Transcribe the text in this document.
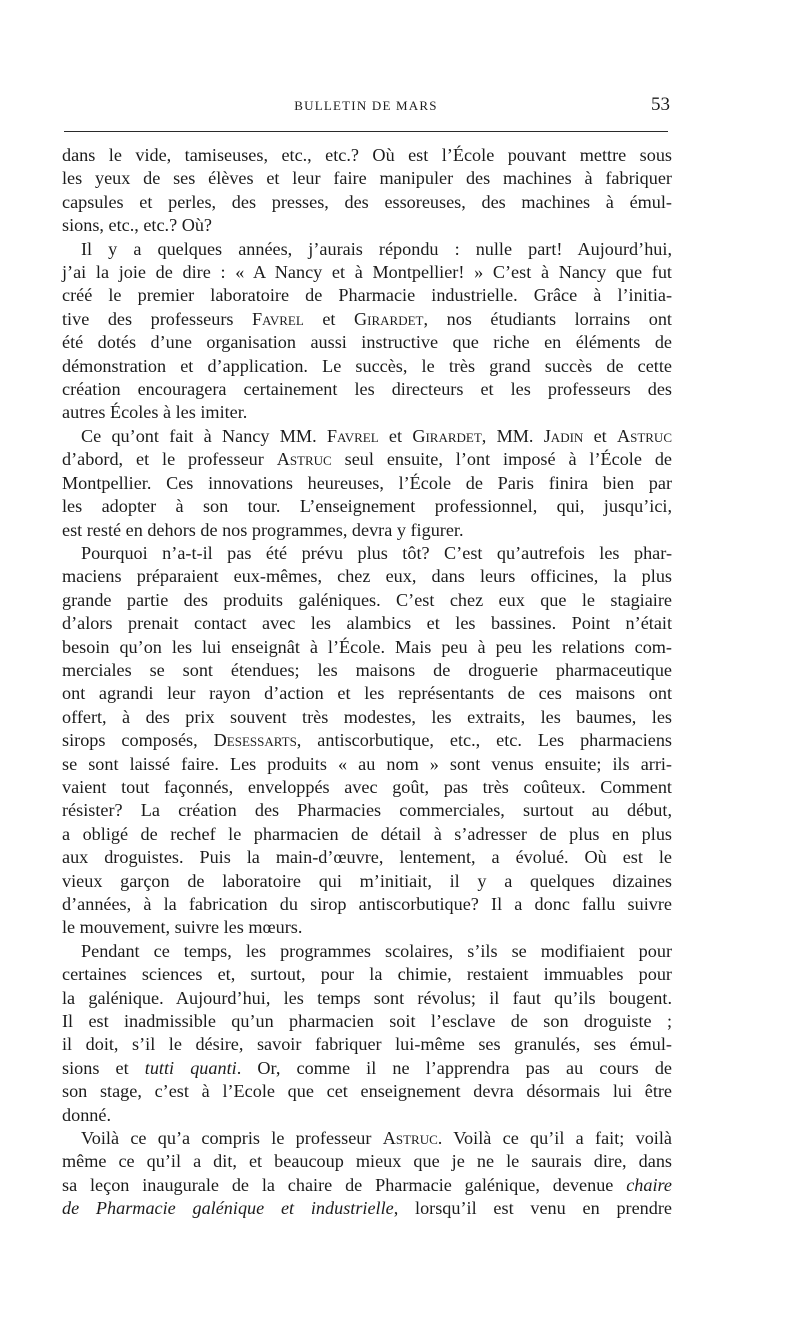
BULLETIN DE MARS	53
dans le vide, tamiseuses, etc., etc.? Où est l’École pouvant mettre sous
les yeux de ses élèves et leur faire manipuler des machines à fabriquer
capsules et perles, des presses, des essoreuses, des machines à émul-
sions, etc., etc.? Où?
Il y a quelques années, j’aurais répondu : nulle part! Aujourd’hui,
j’ai la joie de dire : « A Nancy et à Montpellier! » C’est à Nancy que fut
créé le premier laboratoire de Pharmacie industrielle. Grâce à l’initia-
tive des professeurs Favrel et Girardet, nos étudiants lorrains ont
été dotés d’une organisation aussi instructive que riche en éléments de
démonstration et d’application. Le succès, le très grand succès de cette
création encouragera certainement les directeurs et les professeurs des
autres Écoles à les imiter.
Ce qu’ont fait à Nancy MM. Favrel et Girardet, MM. Jadin et Astruc
d’abord, et le professeur Astruc seul ensuite, l’ont imposé à l’École de
Montpellier. Ces innovations heureuses, l’École de Paris finira bien par
les adopter à son tour. L’enseignement professionnel, qui, jusqu’ici,
est resté en dehors de nos programmes, devra y figurer.
Pourquoi n’a-t-il pas été prévu plus tôt? C’est qu’autrefois les phar-
maciens préparaient eux-mêmes, chez eux, dans leurs officines, la plus
grande partie des produits galéniques. C’est chez eux que le stagiaire
d’alors prenait contact avec les alambics et les bassines. Point n’était
besoin qu’on les lui enseignât à l’École. Mais peu à peu les relations com-
merciales se sont étendues; les maisons de droguerie pharmaceutique
ont agrandi leur rayon d’action et les représentants de ces maisons ont
offert, à des prix souvent très modestes, les extraits, les baumes, les
sirops composés, Desessarts, antiscorbutique, etc., etc. Les pharmaciens
se sont laissé faire. Les produits « au nom » sont venus ensuite; ils arri-
vaient tout façonnés, enveloppés avec goût, pas très coûteux. Comment
résister? La création des Pharmacies commerciales, surtout au début,
a obligé de rechef le pharmacien de détail à s’adresser de plus en plus
aux droguistes. Puis la main-d’œuvre, lentement, a évolué. Où est le
vieux garçon de laboratoire qui m’initiait, il y a quelques dizaines
d’années, à la fabrication du sirop antiscorbutique? Il a donc fallu suivre
le mouvement, suivre les mœurs.
Pendant ce temps, les programmes scolaires, s’ils se modifiaient pour
certaines sciences et, surtout, pour la chimie, restaient immuables pour
la galénique. Aujourd’hui, les temps sont révolus; il faut qu’ils bougent.
Il est inadmissible qu’un pharmacien soit l’esclave de son droguiste ;
il doit, s’il le désire, savoir fabriquer lui-même ses granulés, ses émul-
sions et tutti quanti. Or, comme il ne l’apprendra pas au cours de
son stage, c’est à l’Ecole que cet enseignement devra désormais lui être
donné.
Voilà ce qu’a compris le professeur Astruc. Voilà ce qu’il a fait; voilà
même ce qu’il a dit, et beaucoup mieux que je ne le saurais dire, dans
sa leçon inaugurale de la chaire de Pharmacie galénique, devenue chaire
de Pharmacie galénique et industrielle, lorsqu’il est venu en prendre
